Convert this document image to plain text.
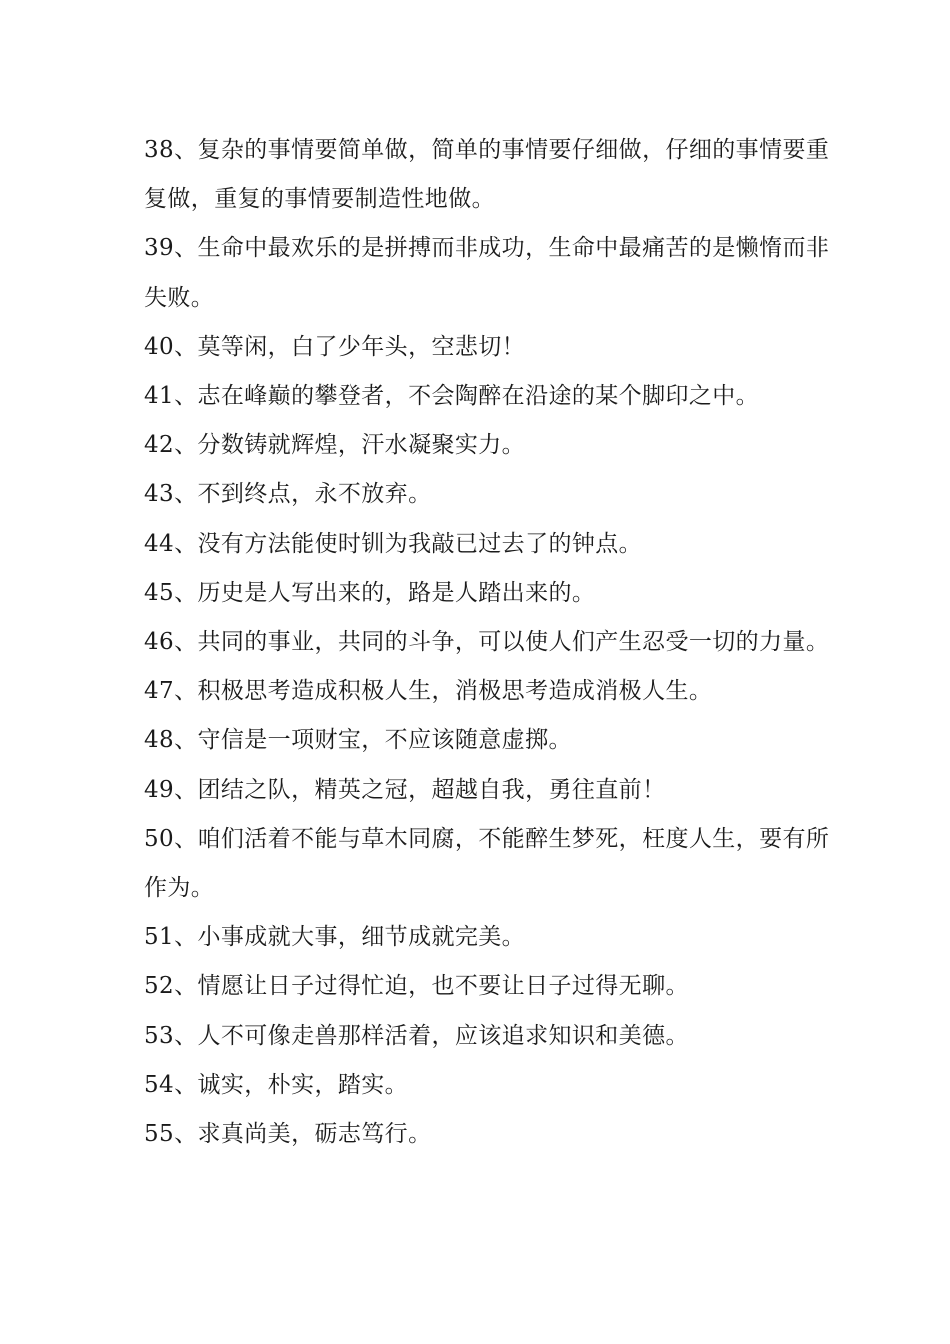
38、复杂的事情要简单做，简单的事情要仔细做，仔细的事情要重复做，重复的事情要制造性地做。

39、生命中最欢乐的是拼搏而非成功，生命中最痛苦的是懒惰而非失败。

40、莫等闲，白了少年头，空悲切！

41、志在峰巅的攀登者，不会陶醉在沿途的某个脚印之中。

42、分数铸就辉煌，汗水凝聚实力。

43、不到终点，永不放弃。

44、没有方法能使时钏为我敲已过去了的钟点。

45、历史是人写出来的，路是人踏出来的。

46、共同的事业，共同的斗争，可以使人们产生忍受一切的力量。

47、积极思考造成积极人生，消极思考造成消极人生。

48、守信是一项财宝，不应该随意虚掷。

49、团结之队，精英之冠，超越自我，勇往直前！

50、咱们活着不能与草木同腐，不能醉生梦死，枉度人生，要有所作为。

51、小事成就大事，细节成就完美。

52、情愿让日子过得忙迫，也不要让日子过得无聊。

53、人不可像走兽那样活着，应该追求知识和美德。

54、诚实，朴实，踏实。

55、求真尚美，砺志笃行。
